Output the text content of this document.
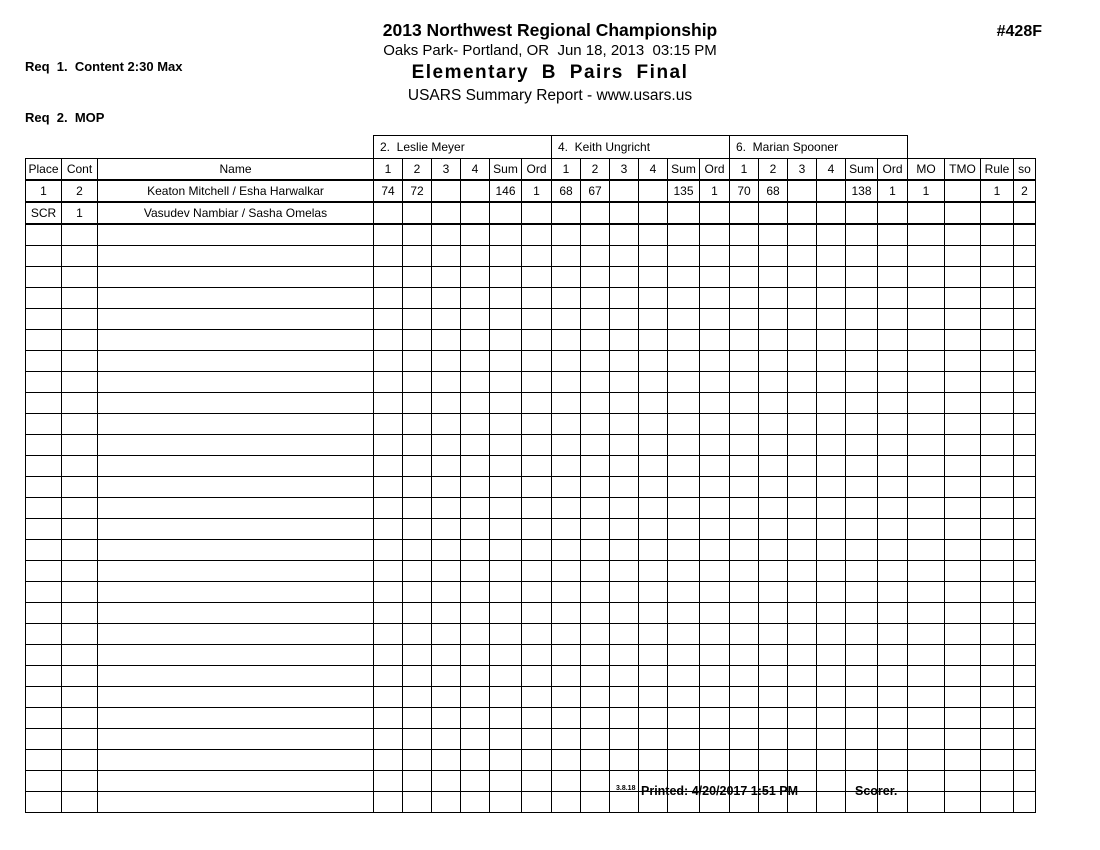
Req  1.  Content 2:30 Max

Req  2.  MOP

2013 Northwest Regional Championship
Oaks Park- Portland, OR  Jun 18, 2013  03:15 PM
Elementary B Pairs Final
USARS Summary Report - www.usars.us
#428F
			2.  Leslie Meyer						4.  Keith Ungricht						6.  Marian Spooner									
Place	Cont	Name	1	2	3	4	Sum	Ord	1	2	3	4	Sum	Ord	1	2	3	4	Sum	Ord	MO	TMO	Rule	so
1	2	Keaton Mitchell / Esha Harwalkar	74	72			146	1	68	67			135	1	70	68			138	1	1		1	2
SCR	1	Vasudev Nambiar / Sasha Omelas																						

3.8.18 Printed: 4/20/2017 1:51 PM	Scorer.
